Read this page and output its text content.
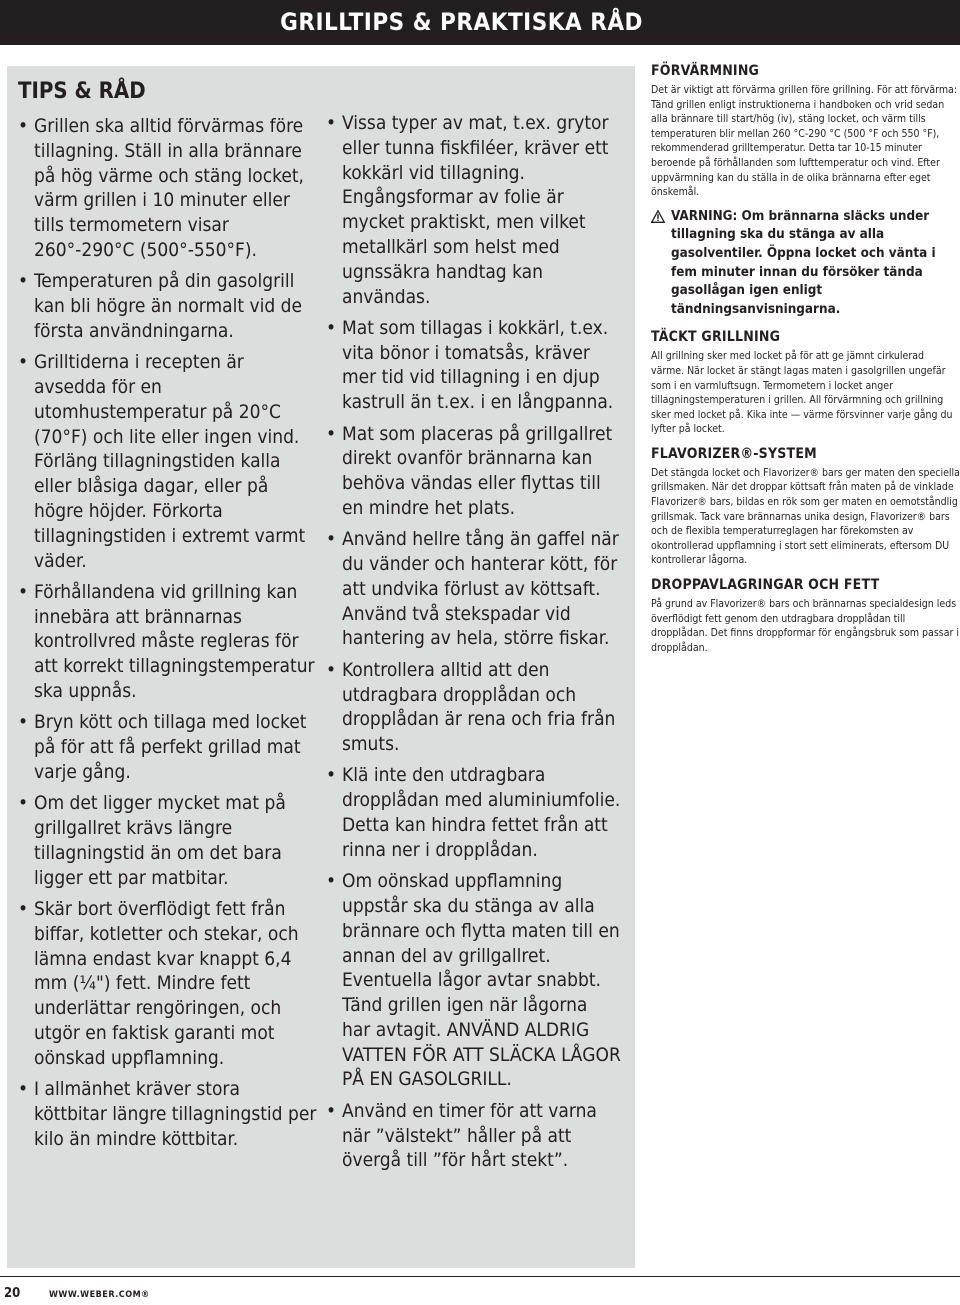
GRILLTIPS & PRAKTISKA RÅD
TIPS & RÅD
• Grillen ska alltid förvärmas före tillagning. Ställ in alla brännare på hög värme och stäng locket, värm grillen i 10 minuter eller tills termometern visar 260°-290°C (500°-550°F).
• Temperaturen på din gasolgrill kan bli högre än normalt vid de första användningarna.
• Grilltiderna i recepten är avsedda för en utomhustemperatur på 20°C (70°F) och lite eller ingen vind. Förläng tillagningstiden kalla eller blåsiga dagar, eller på högre höjder. Förkorta tillagningstiden i extremt varmt väder.
• Förhållandena vid grillning kan innebära att brännarnas kontrollvred måste regleras för att korrekt tillagningstemperatur ska uppnås.
• Bryn kött och tillaga med locket på för att få perfekt grillad mat varje gång.
• Om det ligger mycket mat på grillgallret krävs längre tillagningstid än om det bara ligger ett par matbitar.
• Skär bort överflödigt fett från biffar, kotletter och stekar, och lämna endast kvar knappt 6,4 mm (¼") fett. Mindre fett underlättar rengöringen, och utgör en faktisk garanti mot oönskad uppflamning.
• I allmänhet kräver stora köttbitar längre tillagningstid per kilo än mindre köttbitar.
• Vissa typer av mat, t.ex. grytor eller tunna fiskfiléer, kräver ett kokkärl vid tillagning. Engångsformar av folie är mycket praktiskt, men vilket metallkärl som helst med ugnssäkra handtag kan användas.
• Mat som tillagas i kokkärl, t.ex. vita bönor i tomatsås, kräver mer tid vid tillagning i en djup kastrull än t.ex. i en långpanna.
• Mat som placeras på grillgallret direkt ovanför brännarna kan behöva vändas eller flyttas till en mindre het plats.
• Använd hellre tång än gaffel när du vänder och hanterar kött, för att undvika förlust av köttsaft. Använd två stekspadar vid hantering av hela, större fiskar.
• Kontrollera alltid att den utdragbara dropplådan och dropplådan är rena och fria från smuts.
• Klä inte den utdragbara dropplådan med aluminiumfolie. Detta kan hindra fettet från att rinna ner i dropplådan.
• Om oönskad uppflamning uppstår ska du stänga av alla brännare och flytta maten till en annan del av grillgallret. Eventuella lågor avtar snabbt. Tänd grillen igen när lågorna har avtagit. ANVÄND ALDRIG VATTEN FÖR ATT SLÄCKA LÅGOR PÅ EN GASOLGRILL.
• Använd en timer för att varna när ”välstekt” håller på att övergå till ”för hårt stekt”.
FÖRVÄRMNING

Det är viktigt att förvärma grillen före grillning. För att förvärma: Tänd grillen enligt instruktionerna i handboken och vrid sedan alla brännare till start/hög (ⅳ), stäng locket, och värm tills temperaturen blir mellan 260 °C-290 °C (500 °F och 550 °F), rekommenderad grilltemperatur. Detta tar 10-15 minuter beroende på förhållanden som lufttemperatur och vind. Efter uppvärmning kan du ställa in de olika brännarna efter eget önskemål.

VARNING: Om brännarna släcks under tillagning ska du stänga av alla gasolventiler. Öppna locket och vänta i fem minuter innan du försöker tända gasollågan igen enligt tändningsanvisningarna.
TÄCKT GRILLNING

All grillning sker med locket på för att ge jämnt cirkulerad värme. När locket är stängt lagas maten i gasolgrillen ungefär som i en varmluftsugn. Termometern i locket anger tillagningstemperaturen i grillen. All förvärmning och grillning sker med locket på. Kika inte — värme försvinner varje gång du lyfter på locket.

FLAVORIZER®-SYSTEM

Det stängda locket och Flavorizer® bars ger maten den speciella grillsmaken. När det droppar köttsaft från maten på de vinklade Flavorizer® bars, bildas en rök som ger maten en oemotståndlig grillsmak. Tack vare brännarnas unika design, Flavorizer® bars och de flexibla temperaturreglagen har förekomsten av okontrollerad uppflamning i stort sett eliminerats, eftersom DU kontrollerar lågorna.

DROPPAVLAGRINGAR OCH FETT

På grund av Flavorizer® bars och brännarnas specialdesign leds överflödigt fett genom den utdragbara dropplådan till dropplådan. Det finns droppformar för engångsbruk som passar i dropplådan.

20	WWW.WEBER.COM®
